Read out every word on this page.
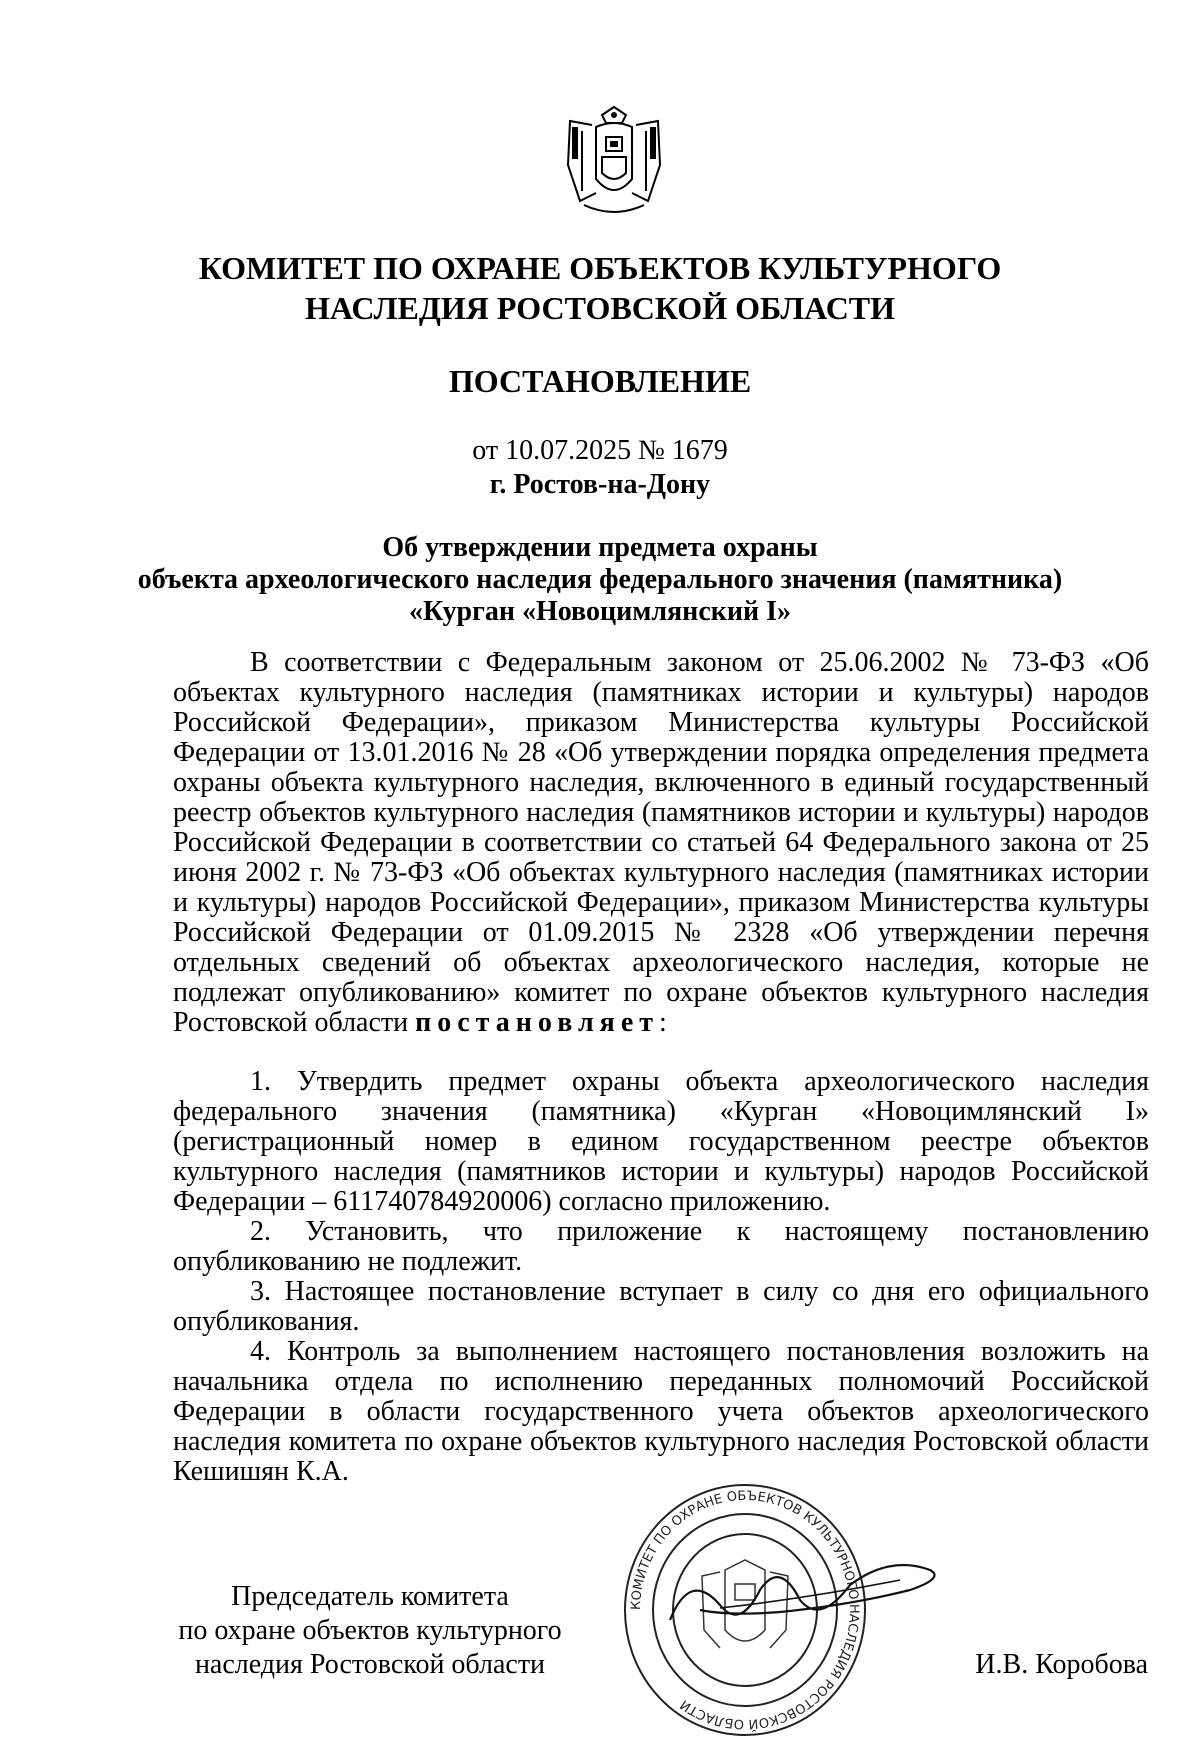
КОМИТЕТ ПО ОХРАНЕ ОБЪЕКТОВ КУЛЬТУРНОГО
НАСЛЕДИЯ РОСТОВСКОЙ ОБЛАСТИ
ПОСТАНОВЛЕНИЕ
от 10.07.2025 № 1679
г. Ростов-на-Дону
Об утверждении предмета охраны
объекта археологического наследия федерального значения (памятника)
«Курган «Новоцимлянский I»

В соответствии с Федеральным законом от 25.06.2002 № 73-ФЗ «Об объектах культурного наследия (памятниках истории и культуры) народов Российской Федерации», приказом Министерства культуры Российской Федерации от 13.01.2016 № 28 «Об утверждении порядка определения предмета охраны объекта культурного наследия, включенного в единый государственный реестр объектов культурного наследия (памятников истории и культуры) народов Российской Федерации в соответствии со статьей 64 Федерального закона от 25 июня 2002 г. № 73-ФЗ «Об объектах культурного наследия (памятниках истории и культуры) народов Российской Федерации», приказом Министерства культуры Российской Федерации от 01.09.2015 № 2328 «Об утверждении перечня отдельных сведений об объектах археологического наследия, которые не подлежат опубликованию» комитет по охране объектов культурного наследия Ростовской области постановляет:

1. Утвердить предмет охраны объекта археологического наследия федерального значения (памятника) «Курган «Новоцимлянский I» (регистрационный номер в едином государственном реестре объектов культурного наследия (памятников истории и культуры) народов Российской Федерации – 611740784920006) согласно приложению.

2. Установить, что приложение к настоящему постановлению опубликованию не подлежит.

3. Настоящее постановление вступает в силу со дня его официального опубликования.

4. Контроль за выполнением настоящего постановления возложить на начальника отдела по исполнению переданных полномочий Российской Федерации в области государственного учета объектов археологического наследия комитета по охране объектов культурного наследия Ростовской области Кешишян К.А.

КОМИТЕТ ПО ОХРАНЕ ОБЪЕКТОВ КУЛЬТУРНОГО НАСЛЕДИЯ РОСТОВСКОЙ ОБЛАСТИ
Председатель комитета
по охране объектов культурного
наследия Ростовской области	И.В. Коробова
